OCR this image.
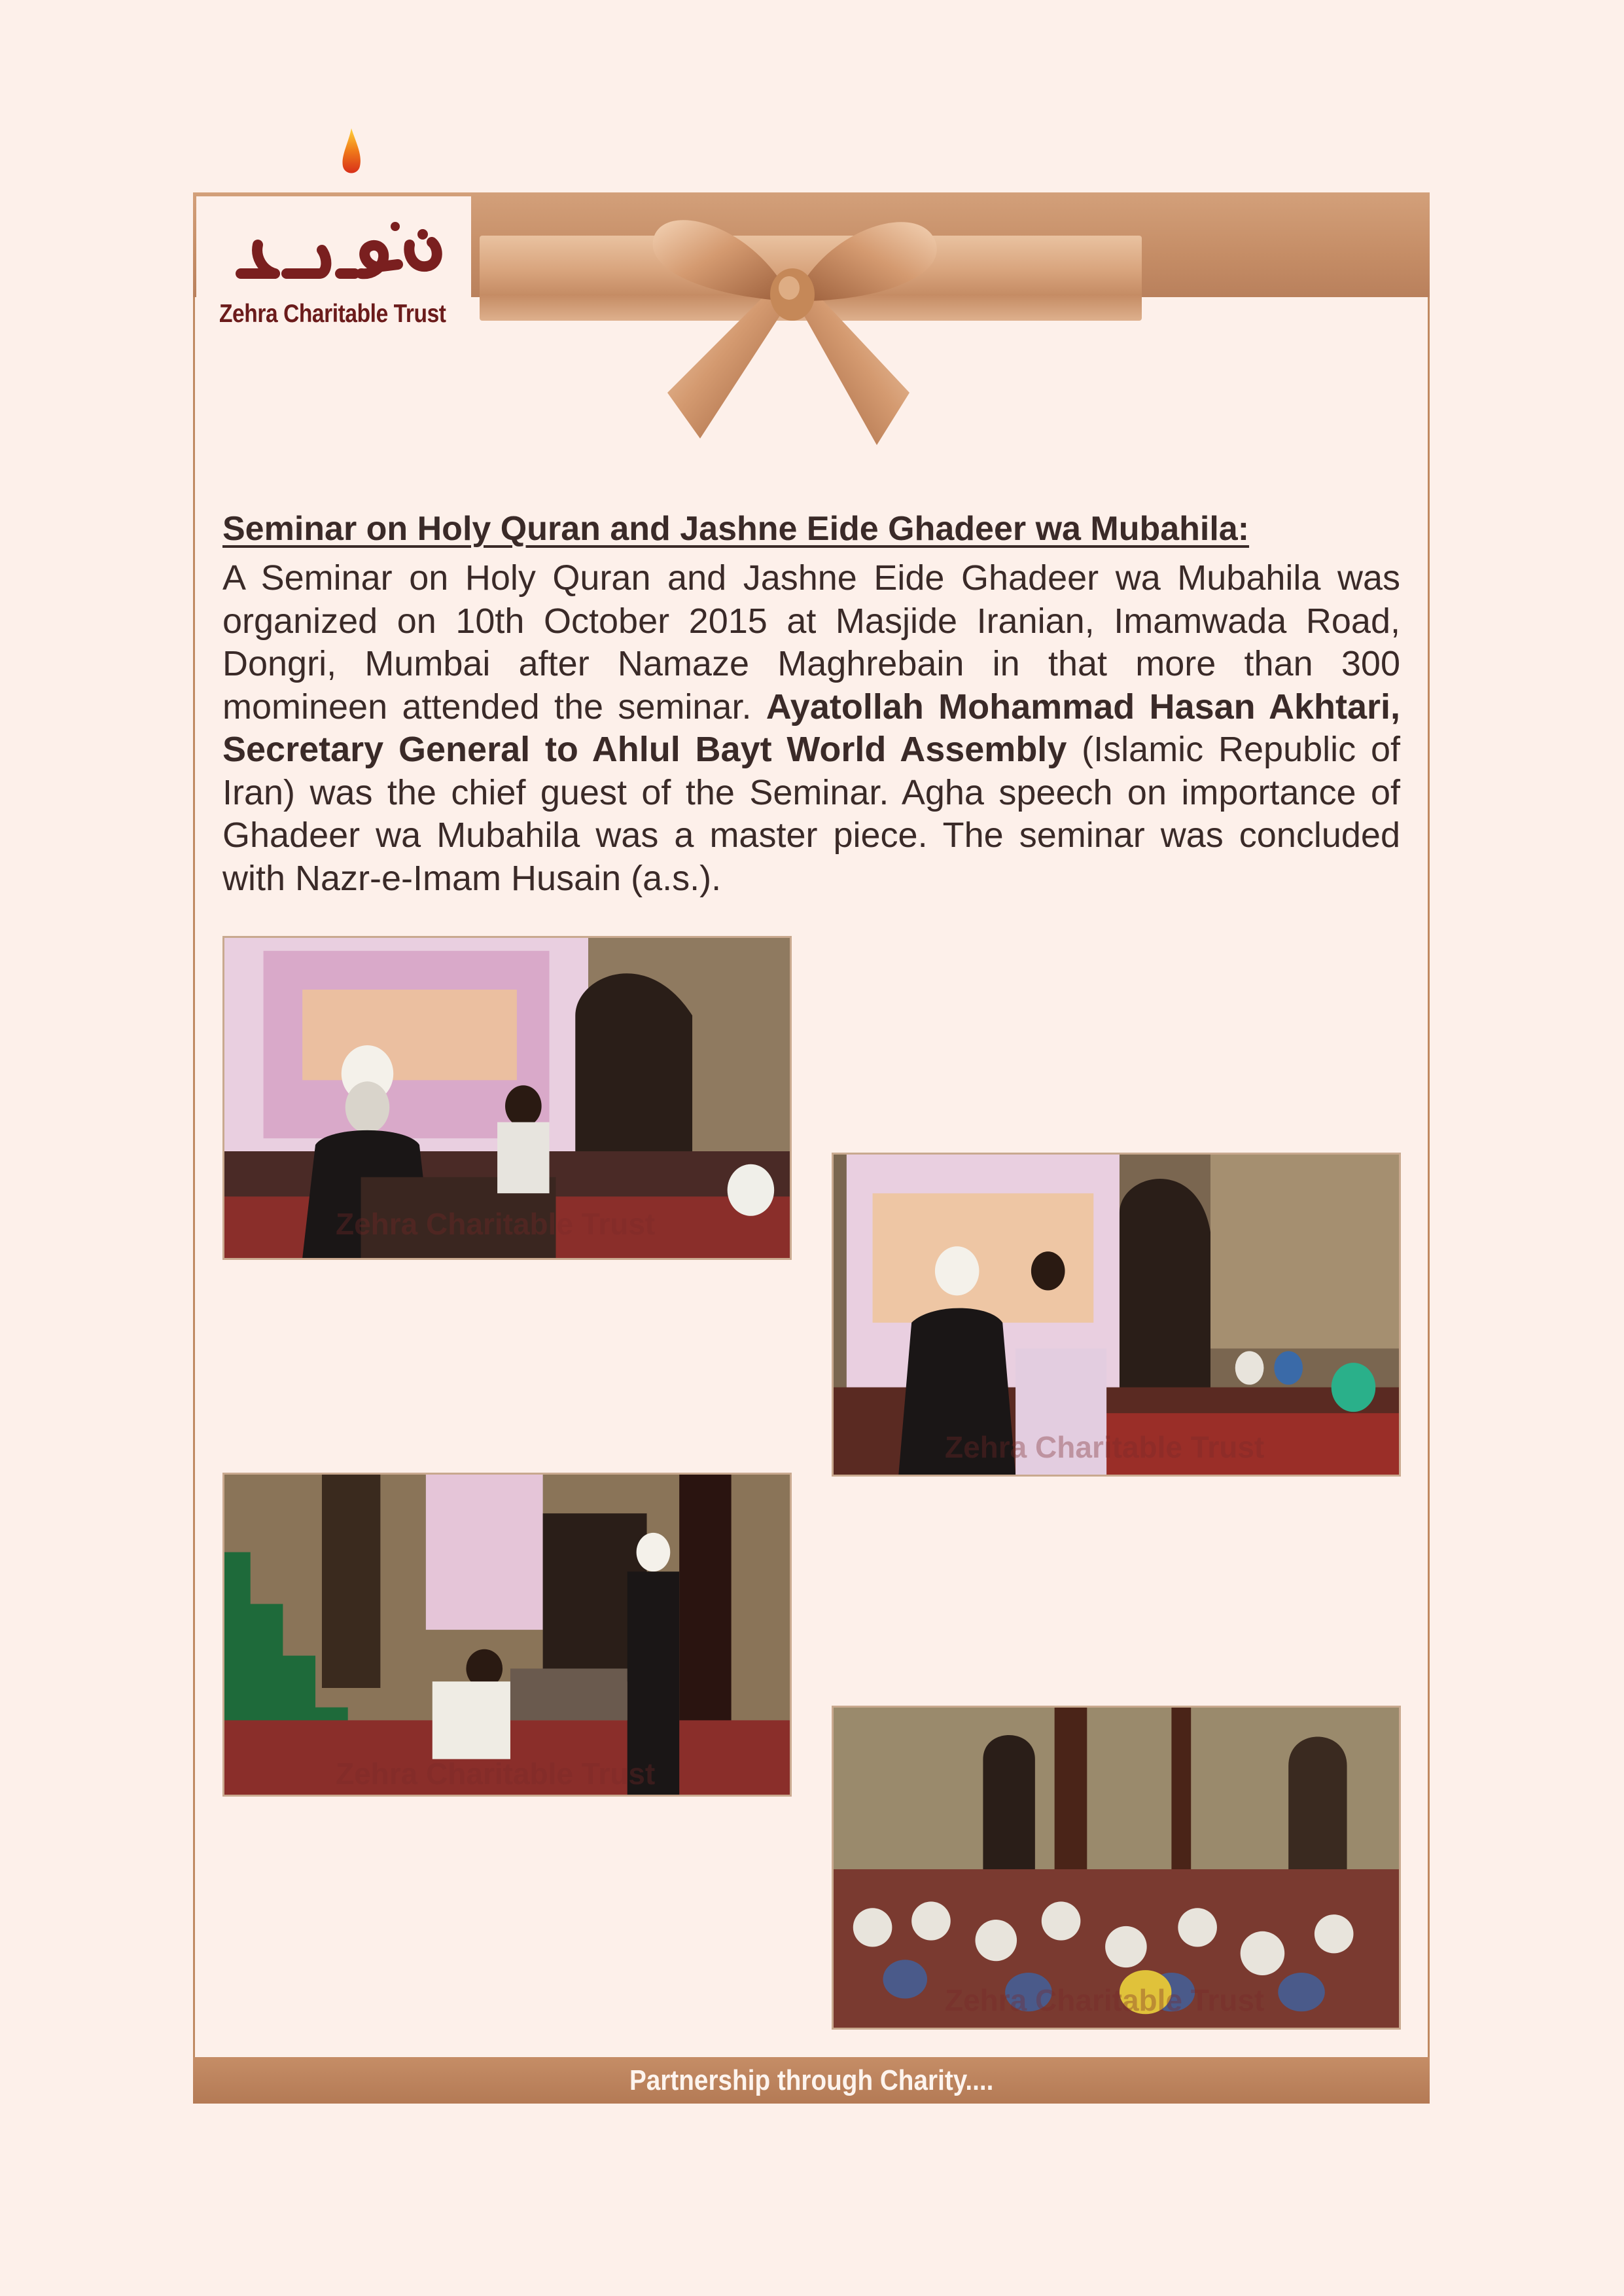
Zehra Charitable Trust
Seminar on Holy Quran and Jashne Eide Ghadeer wa Mubahila:
A Seminar on Holy Quran and Jashne Eide Ghadeer wa Mubahila was organized on 10th October 2015 at Masjide Iranian, Imamwada Road, Dongri, Mumbai after Namaze Maghrebain in that more than 300 momineen attended the seminar. Ayatollah Mohammad Hasan Akhtari, Secretary General to Ahlul Bayt World Assembly (Islamic Republic of Iran) was the chief guest of the Seminar. Agha speech on importance of Ghadeer wa Mubahila was a master piece. The seminar was concluded with Nazr-e-Imam Husain (a.s.).
Zehra Charitable Trust
Zehra Charitable Trust
Zehra Charitable Trust
Zehra Charitable Trust
Partnership through Charity....
